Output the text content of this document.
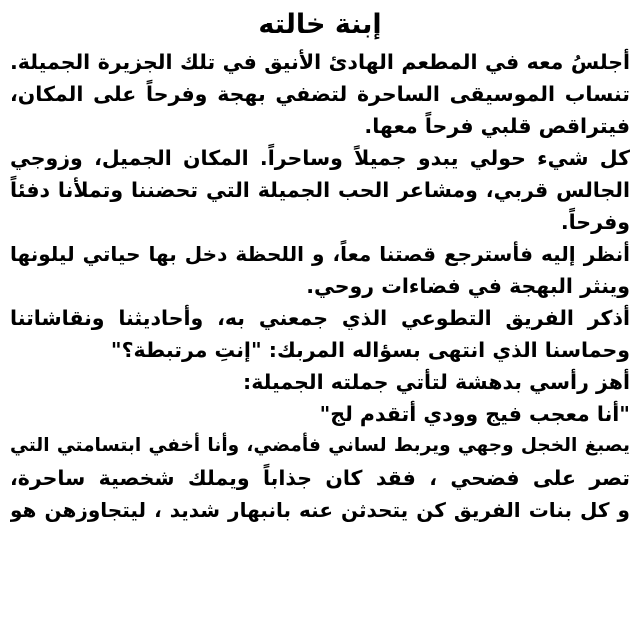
إبنة خالته
أجلسُ معه في المطعم الهادئ الأنيق في تلك الجزيرة الجميلة.
تنساب الموسيقى الساحرة لتضفي بهجة وفرحاً على المكان،
فيتراقص قلبي فرحاً معها.
كل شيء حولي يبدو جميلاً وساحراً. المكان الجميل، وزوجي
الجالس قربي، ومشاعر الحب الجميلة التي تحضننا وتملأنا دفئاً
وفرحاً.
أنظر إليه فأسترجع قصتنا معاً، و اللحظة دخل بها حياتي ليلونها
وينثر البهجة في فضاءات روحي.
أذكر الفريق التطوعي الذي جمعني به، وأحاديثنا ونقاشاتنا
وحماسنا الذي انتهى بسؤاله المربك: "إنتِ مرتبطة؟"
أهز رأسي بدهشة لتأتي جملته الجميلة:
"أنا معجب فيج وودي أتقدم لج"
يصبغ الخجل وجهي ويربط لساني فأمضي، وأنا أخفي ابتسامتي التي
تصر على فضحي ، فقد كان جذاباً ويملك شخصية ساحرة،
و كل بنات الفريق كن يتحدثن عنه بانبهار شديد ، ليتجاوزهن هو
